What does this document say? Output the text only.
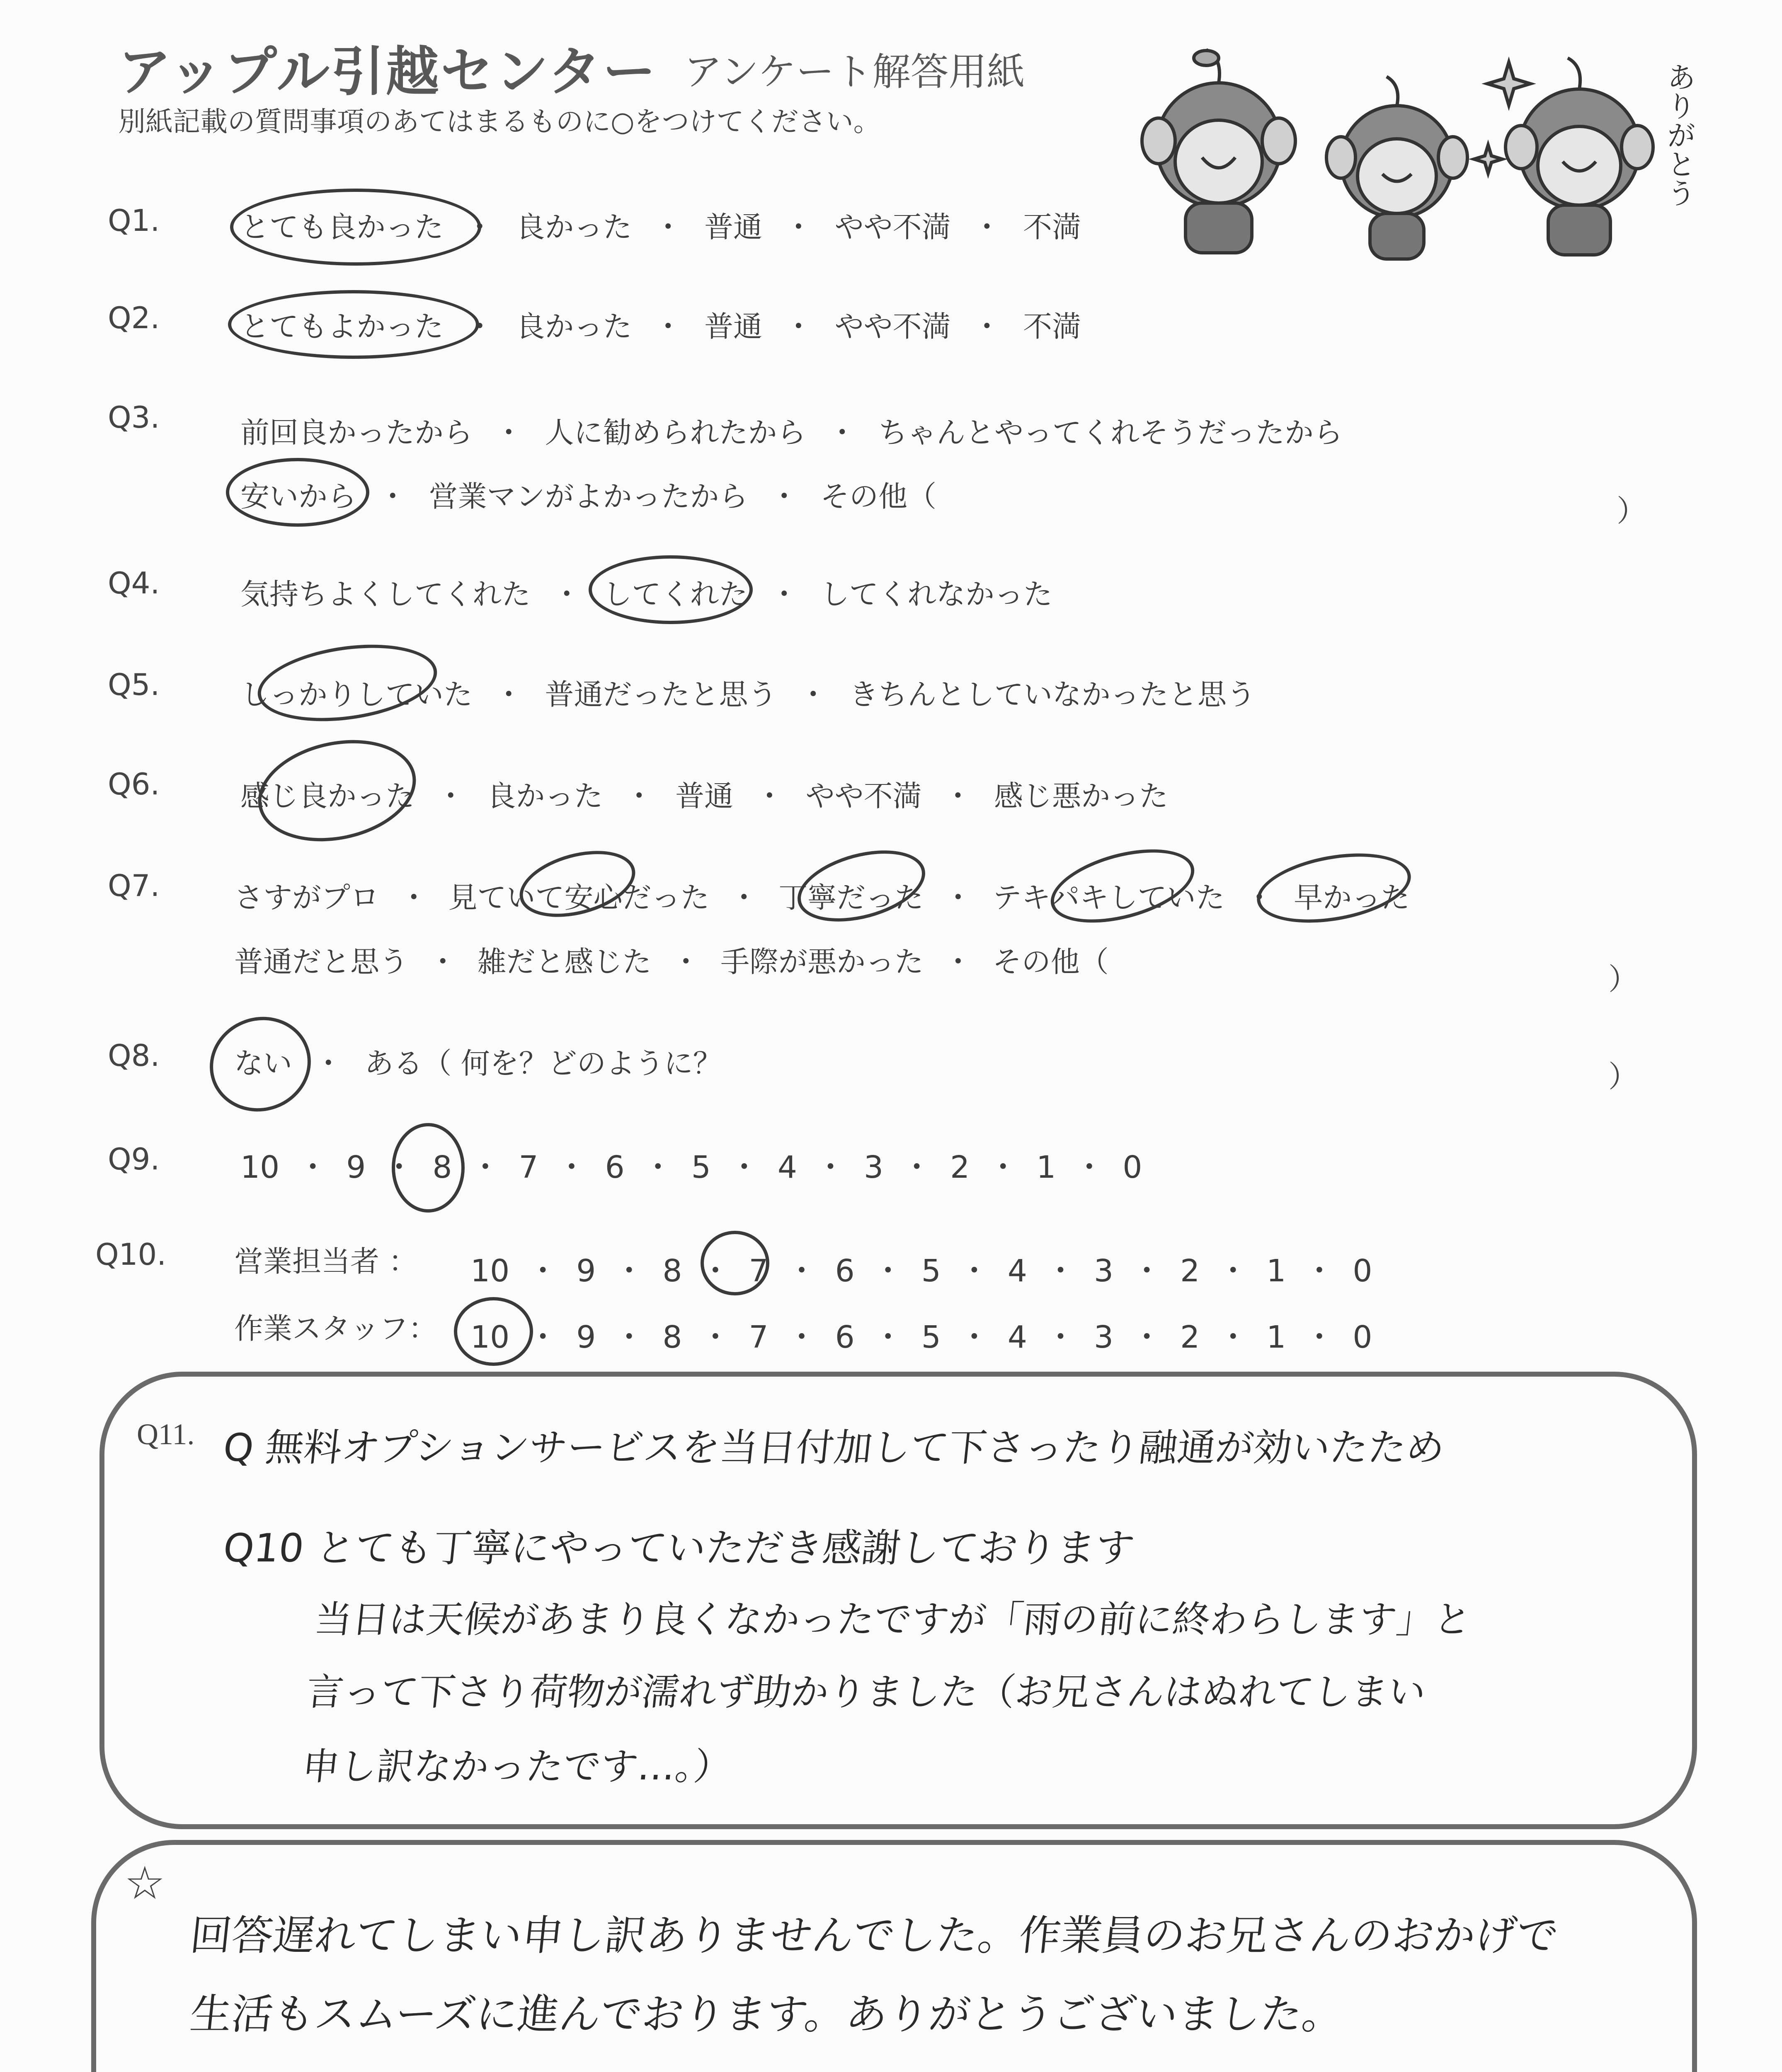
アップル引越センター アンケート解答用紙
別紙記載の質問事項のあてはまるものに○をつけてください。	ありがとう
Q1.	とても良かった ・ 良かった ・ 普通 ・ やや不満 ・ 不満
Q2.	とてもよかった ・ 良かった ・ 普通 ・ やや不満 ・ 不満
Q3.	前回良かったから ・ 人に勧められたから ・ ちゃんとやってくれそうだったから
安いから ・ 営業マンがよかったから ・ その他（	）
Q4.	気持ちよくしてくれた ・ してくれた ・ してくれなかった
Q5.	しっかりしていた ・ 普通だったと思う ・ きちんとしていなかったと思う
Q6.	感じ良かった ・ 良かった ・ 普通 ・ やや不満 ・ 感じ悪かった
Q7.	さすがプロ ・ 見ていて安心だった ・ 丁寧だった ・ テキパキしていた ・ 早かった
普通だと思う ・ 雑だと感じた ・ 手際が悪かった ・ その他（	）
Q8.	ない ・ ある（ 何を？どのように？	）
Q9.	10 ・ 9 ・ 8 ・ 7 ・ 6 ・ 5 ・ 4 ・ 3 ・ 2 ・ 1 ・ 0
Q10. 営業担当者 ： 10 ・ 9 ・ 8 ・ 7 ・ 6 ・ 5 ・ 4 ・ 3 ・ 2 ・ 1 ・ 0
作業スタッフ： 10 ・ 9 ・ 8 ・ 7 ・ 6 ・ 5 ・ 4 ・ 3 ・ 2 ・ 1 ・ 0
Q11. Q 無料オプションサービスを当日付加して下さったり融通が効いたため
Q10 とても丁寧にやっていただき感謝しております
当日は天候があまり良くなかったですが「雨の前に終わらします」と
言って下さり荷物が濡れず助かりました（お兄さんはぬれてしまい
申し訳なかったです…。）
☆
回答遅れてしまい申し訳ありませんでした。作業員のお兄さんのおかげで
生活もスムーズに進んでおります。ありがとうございました。
